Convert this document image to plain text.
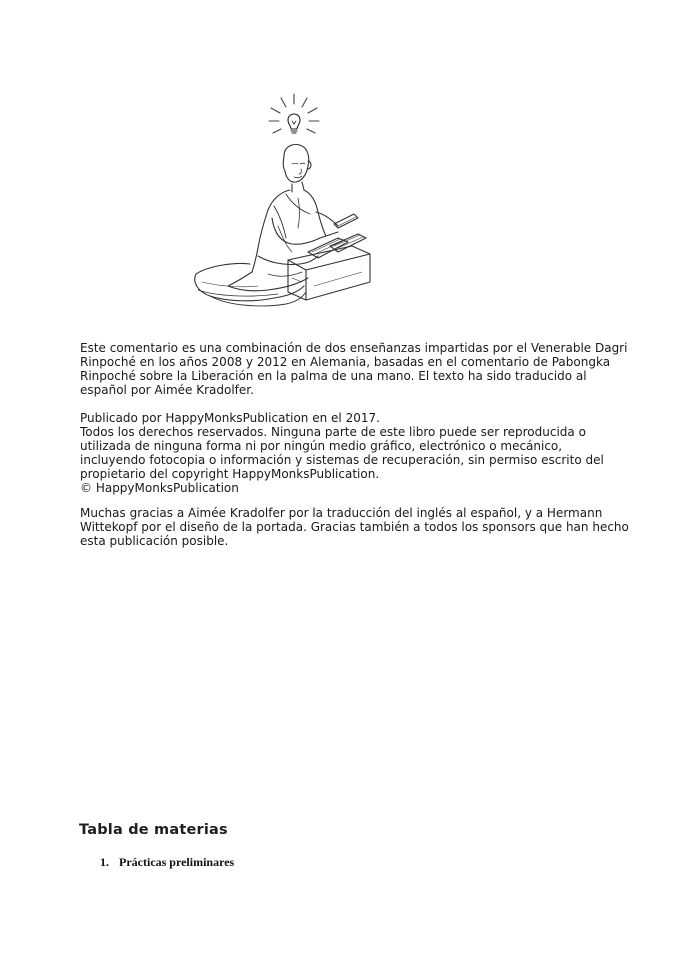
Este comentario es una combinación de dos enseñanzas impartidas por el Venerable Dagri
Rinpoché en los años 2008 y 2012 en Alemania, basadas en el comentario de Pabongka
Rinpoché sobre la Liberación en la palma de una mano. El texto ha sido traducido al
español por Aimée Kradolfer.

Publicado por HappyMonksPublication en el 2017.
Todos los derechos reservados. Ninguna parte de este libro puede ser reproducida o
utilizada de ninguna forma ni por ningún medio gráfico, electrónico o mecánico,
incluyendo fotocopia o información y sistemas de recuperación, sin permiso escrito del
propietario del copyright HappyMonksPublication.
© HappyMonksPublication

Muchas gracias a Aimée Kradolfer por la traducción del inglés al español, y a Hermann
Wittekopf por el diseño de la portada. Gracias también a todos los sponsors que han hecho
esta publicación posible.

Tabla de materias
1. Prácticas preliminares
